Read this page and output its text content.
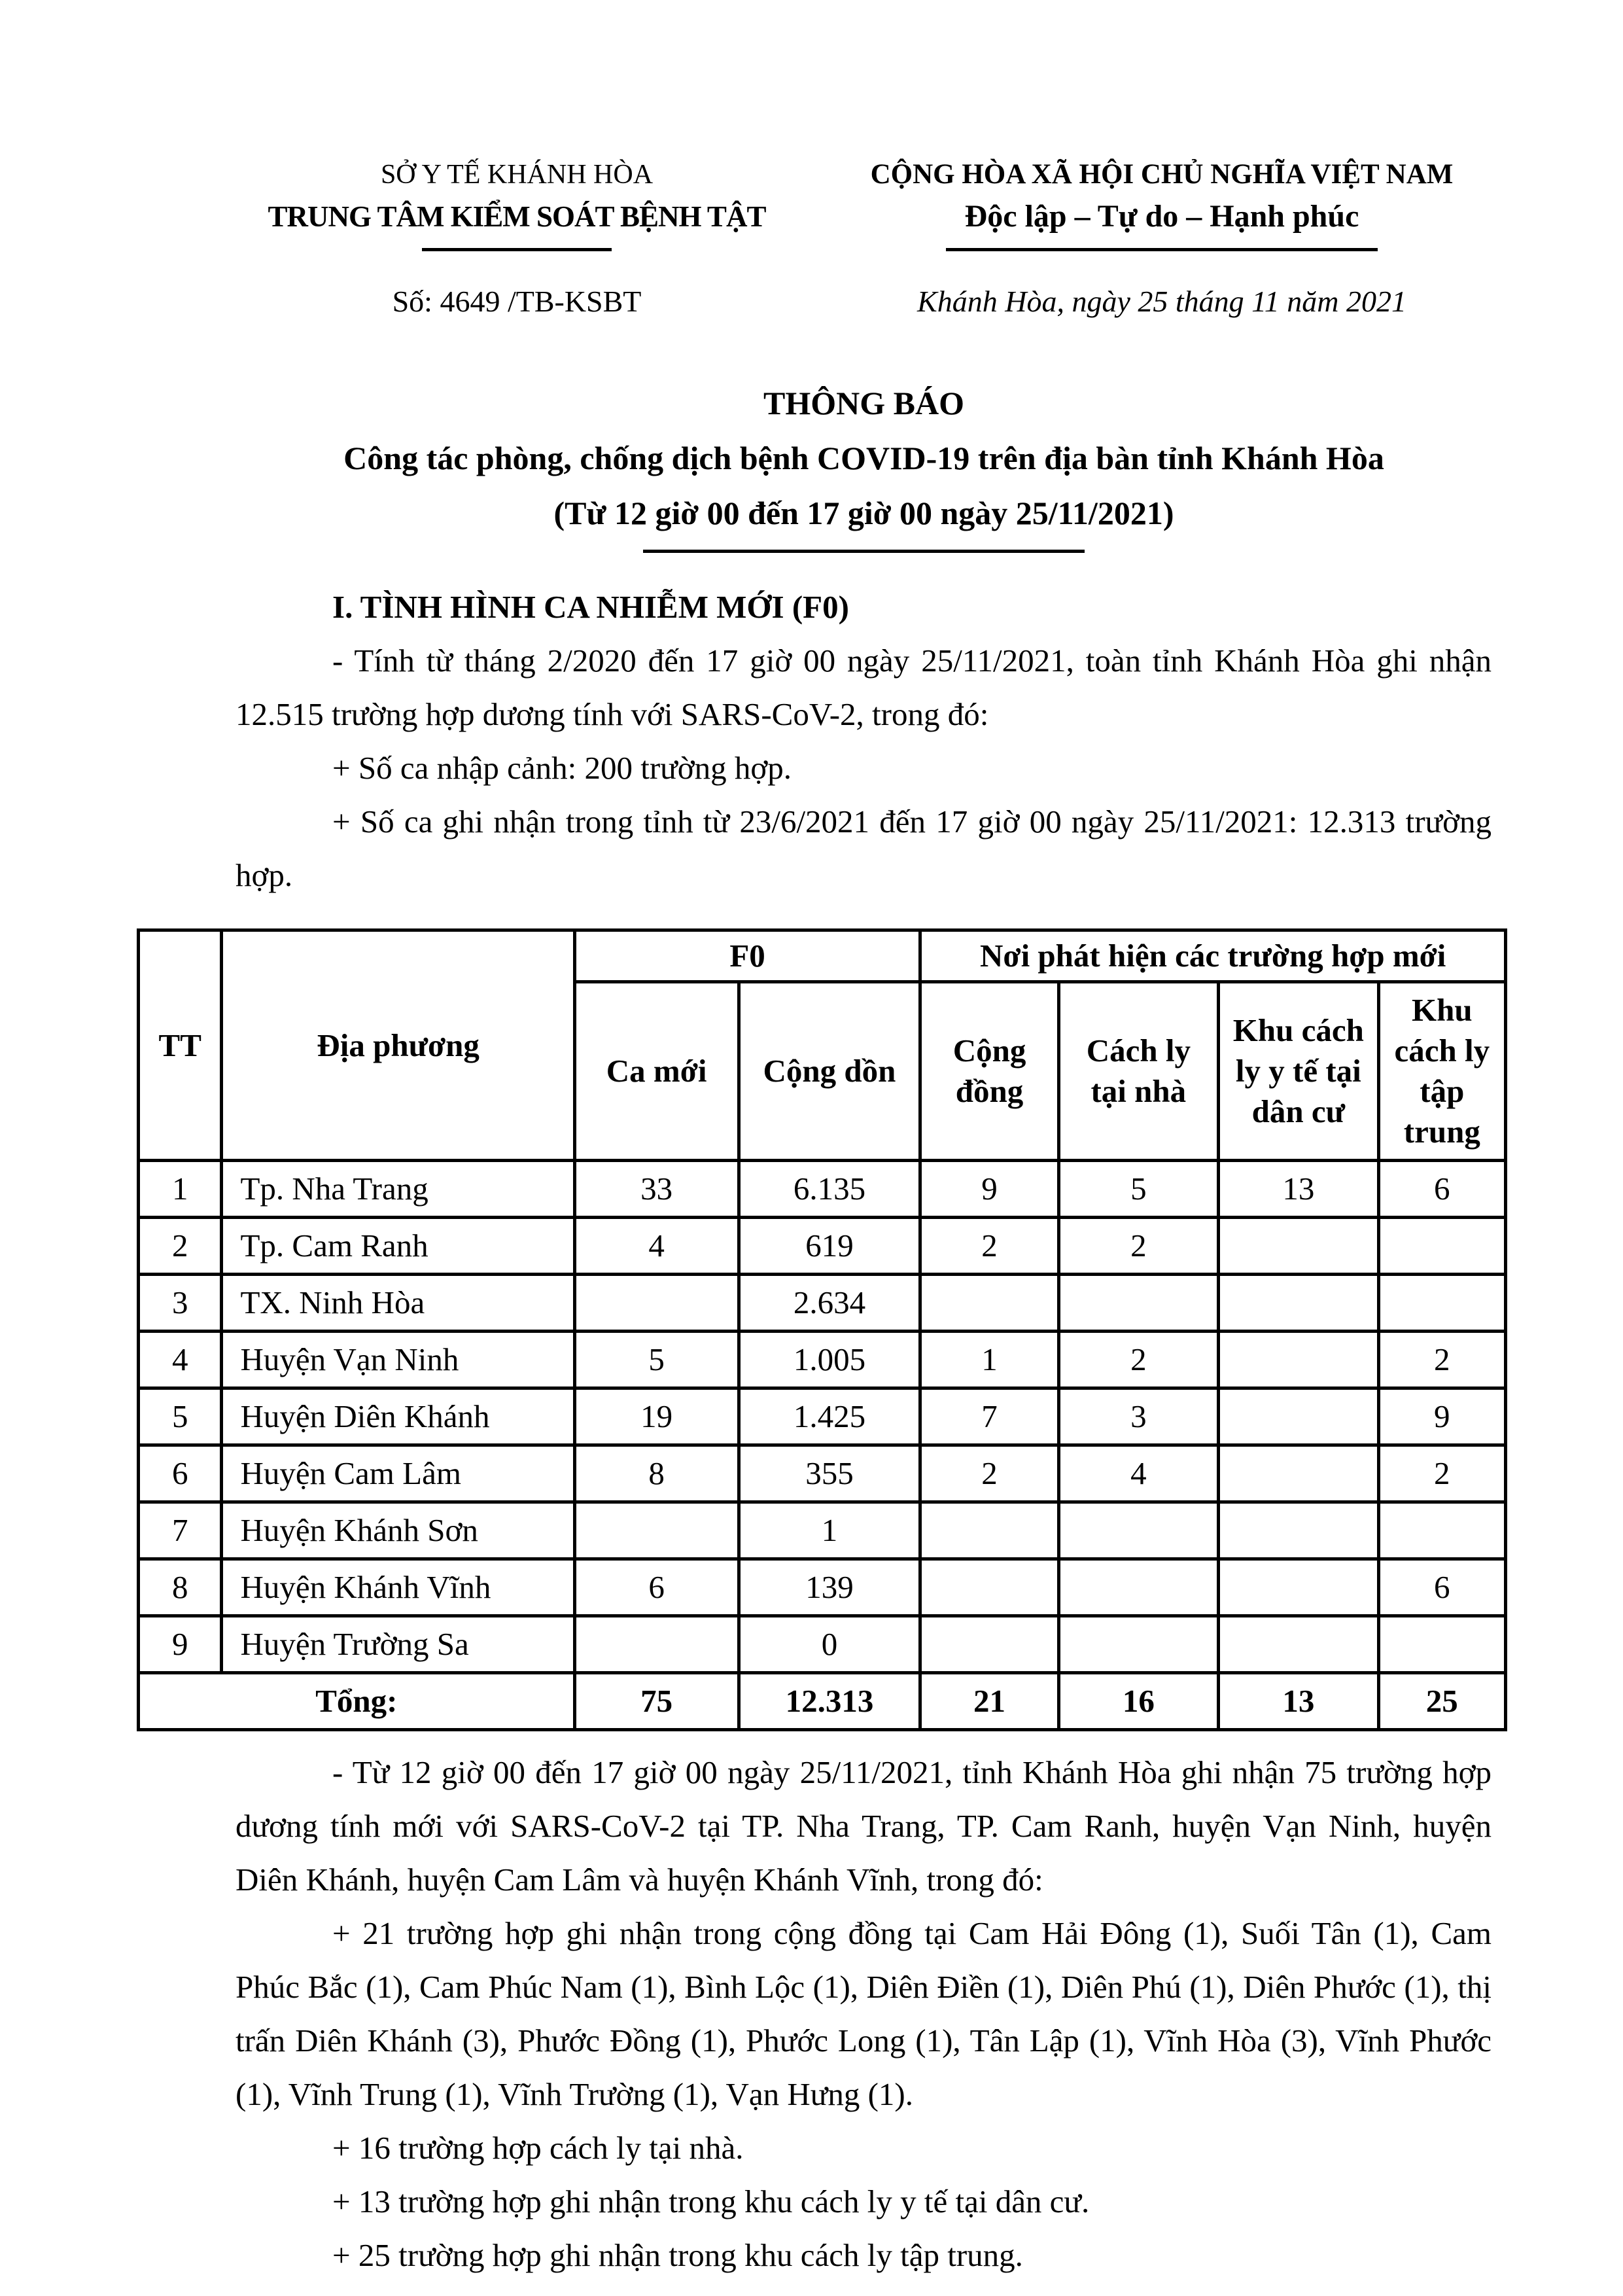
SỞ Y TẾ KHÁNH HÒA
TRUNG TÂM KIỂM SOÁT BỆNH TẬT
Số: 4649 /TB-KSBT
CỘNG HÒA XÃ HỘI CHỦ NGHĨA VIỆT NAM
Độc lập – Tự do – Hạnh phúc
Khánh Hòa, ngày 25 tháng 11 năm 2021
THÔNG BÁO
Công tác phòng, chống dịch bệnh COVID-19 trên địa bàn tỉnh Khánh Hòa
(Từ 12 giờ 00 đến 17 giờ 00 ngày 25/11/2021)
I. TÌNH HÌNH CA NHIỄM MỚI (F0)
- Tính từ tháng 2/2020 đến 17 giờ 00 ngày 25/11/2021, toàn tỉnh Khánh Hòa ghi nhận 12.515 trường hợp dương tính với SARS-CoV-2, trong đó:
+ Số ca nhập cảnh: 200 trường hợp.
+ Số ca ghi nhận trong tỉnh từ 23/6/2021 đến 17 giờ 00 ngày 25/11/2021: 12.313 trường hợp.
TT	Địa phương	F0		Nơi phát hiện các trường hợp mới			
		Ca mới	Cộng dồn	Cộng đồng	Cách ly tại nhà	Khu cách ly y tế tại dân cư	Khu cách ly tập trung
1	Tp. Nha Trang	33	6.135	9	5	13	6
2	Tp. Cam Ranh	4	619	2	2		
3	TX. Ninh Hòa		2.634				
4	Huyện Vạn Ninh	5	1.005	1	2		2
5	Huyện Diên Khánh	19	1.425	7	3		9
6	Huyện Cam Lâm	8	355	2	4		2
7	Huyện Khánh Sơn		1				
8	Huyện Khánh Vĩnh	6	139				6
9	Huyện Trường Sa		0				
Tổng:		75	12.313	21	16	13	25
- Từ 12 giờ 00 đến 17 giờ 00 ngày 25/11/2021, tỉnh Khánh Hòa ghi nhận 75 trường hợp dương tính mới với SARS-CoV-2 tại TP. Nha Trang, TP. Cam Ranh, huyện Vạn Ninh, huyện Diên Khánh, huyện Cam Lâm và huyện Khánh Vĩnh, trong đó:
+ 21 trường hợp ghi nhận trong cộng đồng tại Cam Hải Đông (1), Suối Tân (1), Cam Phúc Bắc (1), Cam Phúc Nam (1), Bình Lộc (1), Diên Điền (1), Diên Phú (1), Diên Phước (1), thị trấn Diên Khánh (3), Phước Đồng (1), Phước Long (1), Tân Lập (1), Vĩnh Hòa (3), Vĩnh Phước (1), Vĩnh Trung (1), Vĩnh Trường (1), Vạn Hưng (1).
+ 16 trường hợp cách ly tại nhà.
+ 13 trường hợp ghi nhận trong khu cách ly y tế tại dân cư.
+ 25 trường hợp ghi nhận trong khu cách ly tập trung.
